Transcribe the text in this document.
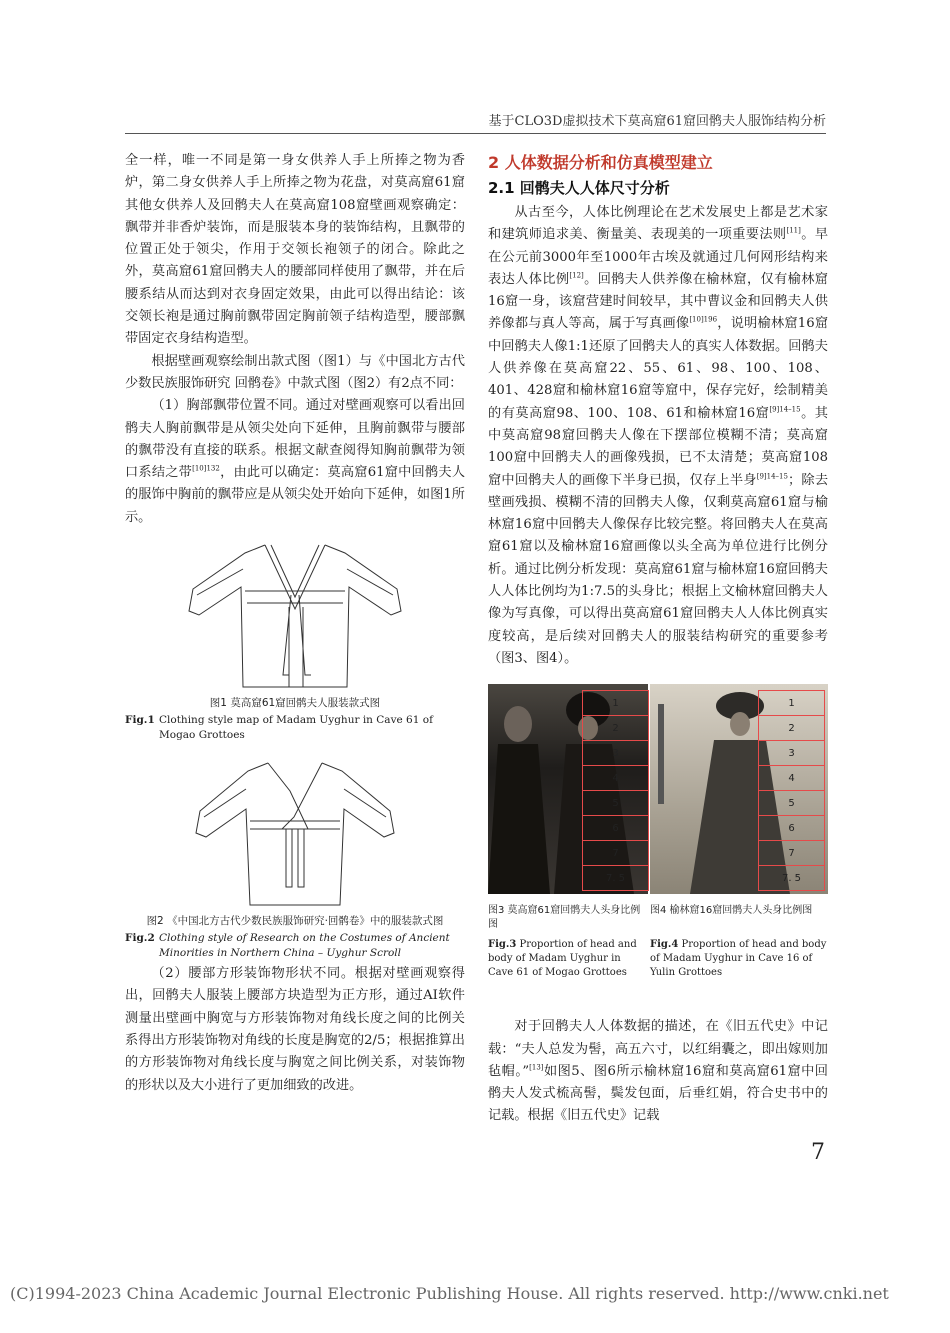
基于CLO3D虚拟技术下莫高窟61窟回鹘夫人服饰结构分析

全一样，唯一不同是第一身女供养人手上所捧之物为香炉，第二身女供养人手上所捧之物为花盘，对莫高窟61窟其他女供养人及回鹘夫人在莫高窟108窟壁画观察确定：飘带并非香炉装饰，而是服装本身的装饰结构，且飘带的位置正处于领尖，作用于交领长袍领子的闭合。除此之外，莫高窟61窟回鹘夫人的腰部同样使用了飘带，并在后腰系结从而达到对衣身固定效果，由此可以得出结论：该交领长袍是通过胸前飘带固定胸前领子结构造型，腰部飘带固定衣身结构造型。

根据壁画观察绘制出款式图（图1）与《中国北方古代少数民族服饰研究 回鹘卷》中款式图（图2）有2点不同：

（1）胸部飘带位置不同。通过对壁画观察可以看出回鹘夫人胸前飘带是从领尖处向下延伸，且胸前飘带与腰部的飘带没有直接的联系。根据文献查阅得知胸前飘带为领口系结之带$^{[10]132}$，由此可以确定：莫高窟61窟中回鹘夫人的服饰中胸前的飘带应是从领尖处开始向下延伸，如图1所示。

图1 莫高窟61窟回鹘夫人服装款式图
Fig.1 Clothing style map of Madam Uyghur in Cave 61 of Mogao Grottoes
图2 《中国北方古代少数民族服饰研究·回鹘卷》中的服装款式图
Fig.2 Clothing style of Research on the Costumes of Ancient Minorities in Northern China – Uyghur Scroll

（2）腰部方形装饰物形状不同。根据对壁画观察得出，回鹘夫人服装上腰部方块造型为正方形，通过AI软件测量出壁画中胸宽与方形装饰物对角线长度之间的比例关系得出方形装饰物对角线的长度是胸宽的2/5；根据推算出的方形装饰物对角线长度与胸宽之间比例关系，对装饰物的形状以及大小进行了更加细致的改进。

2 人体数据分析和仿真模型建立
2.1 回鹘夫人人体尺寸分析

从古至今，人体比例理论在艺术发展史上都是艺术家和建筑师追求美、衡量美、表现美的一项重要法则[11]。早在公元前3000年至1000年古埃及就通过几何网形结构来表达人体比例[12]。回鹘夫人供养像在榆林窟，仅有榆林窟16窟一身，该窟营建时间较早，其中曹议金和回鹘夫人供养像都与真人等高，属于写真画像$^{[10]196}$，说明榆林窟16窟中回鹘夫人像1:1还原了回鹘夫人的真实人体数据。回鹘夫人供养像在莫高窟22、55、61、98、100、108、401、428窟和榆林窟16窟等窟中，保存完好，绘制精美的有莫高窟98、100、108、61和榆林窟16窟$^{[9]14-15}$。其中莫高窟98窟回鹘夫人像在下摆部位模糊不清；莫高窟100窟中回鹘夫人的画像残损，已不太清楚；莫高窟108窟中回鹘夫人的画像下半身已损，仅存上半身$^{[9]14-15}$；除去壁画残损、模糊不清的回鹘夫人像，仅剩莫高窟61窟与榆林窟16窟中回鹘夫人像保存比较完整。将回鹘夫人在莫高窟61窟以及榆林窟16窟画像以头全高为单位进行比例分析。通过比例分析发现：莫高窟61窟与榆林窟16窟回鹘夫人人体比例均为1:7.5的头身比；根据上文榆林窟回鹘夫人像为写真像，可以得出莫高窟61窟回鹘夫人人体比例真实度较高，是后续对回鹘夫人的服装结构研究的重要参考（图3、图4）。

1
2
3
4
5
6
7
7. 5
1
2
3
4
5
6
7
7. 5
图3 莫高窟61窟回鹘夫人头身比例图
图4 榆林窟16窟回鹘夫人头身比例图
Fig.3 Proportion of head and body of Madam Uyghur in Cave 61 of Mogao Grottoes
Fig.4 Proportion of head and body of Madam Uyghur in Cave 16 of Yulin Grottoes

对于回鹘夫人人体数据的描述，在《旧五代史》中记载：“夫人总发为髻，高五六寸，以红绢囊之，即出嫁则加毡帽。”[13]如图5、图6所示榆林窟16窟和莫高窟61窟中回鹘夫人发式梳高髻，鬓发包面，后垂红娟，符合史书中的记载。根据《旧五代史》记载

7
(C)1994-2023 China Academic Journal Electronic Publishing House. All rights reserved. http://www.cnki.net
